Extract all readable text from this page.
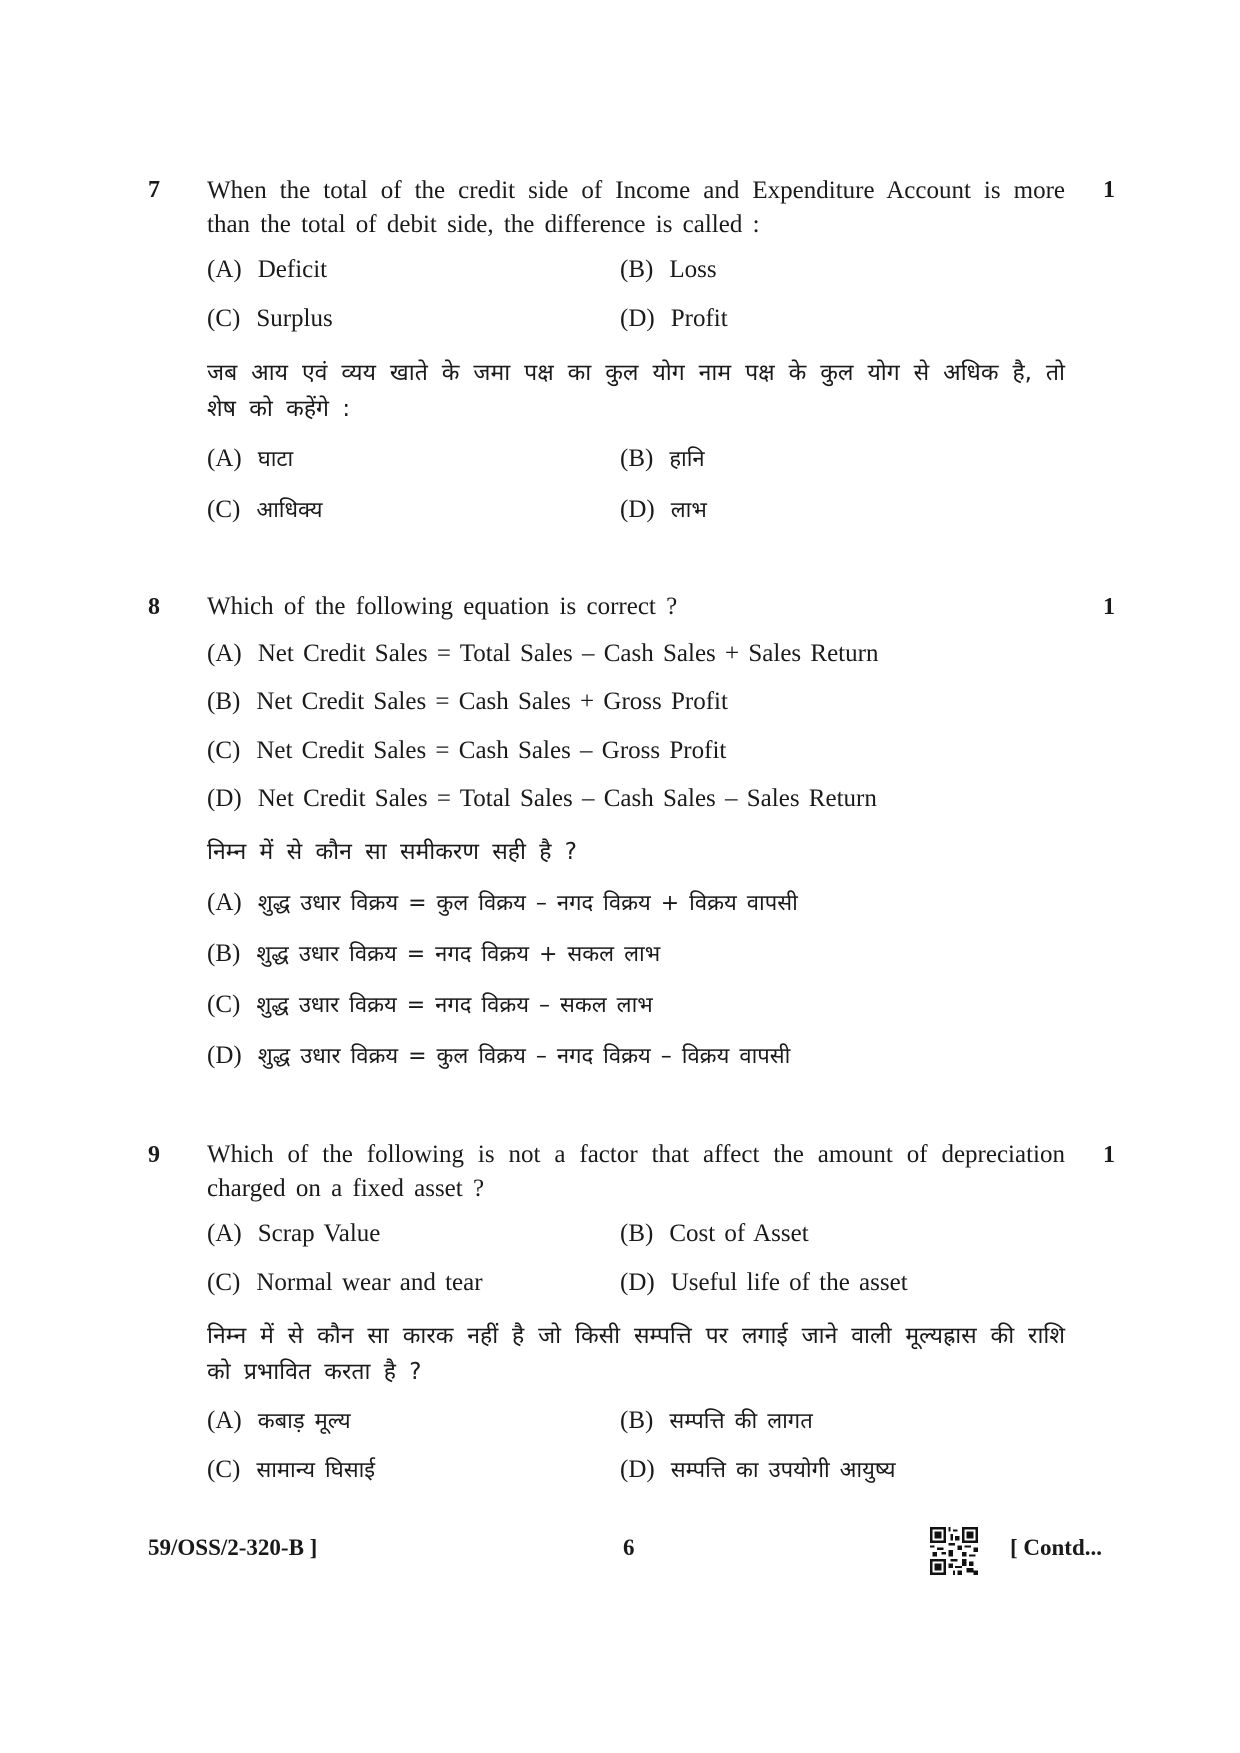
7	1
When the total of the credit side of Income and Expenditure Account is more than the total of debit side, the difference is called :
(A) Deficit	(B) Loss
(C) Surplus	(D) Profit
जब आय एवं व्यय खाते के जमा पक्ष का कुल योग नाम पक्ष के कुल योग से अधिक है, तो शेष को कहेंगे :
(A) घाटा	(B) हानि
(C) आधिक्य	(D) लाभ
8	1
Which of the following equation is correct ?
(A) Net Credit Sales = Total Sales – Cash Sales + Sales Return
(B) Net Credit Sales = Cash Sales + Gross Profit
(C) Net Credit Sales = Cash Sales – Gross Profit
(D) Net Credit Sales = Total Sales – Cash Sales – Sales Return
निम्न में से कौन सा समीकरण सही है ?
(A) शुद्ध उधार विक्रय = कुल विक्रय – नगद विक्रय + विक्रय वापसी
(B) शुद्ध उधार विक्रय = नगद विक्रय + सकल लाभ
(C) शुद्ध उधार विक्रय = नगद विक्रय – सकल लाभ
(D) शुद्ध उधार विक्रय = कुल विक्रय – नगद विक्रय – विक्रय वापसी
9	1
Which of the following is not a factor that affect the amount of depreciation charged on a fixed asset ?
(A) Scrap Value	(B) Cost of Asset
(C) Normal wear and tear	(D) Useful life of the asset
निम्न में से कौन सा कारक नहीं है जो किसी सम्पत्ति पर लगाई जाने वाली मूल्यह्रास की राशि को प्रभावित करता है ?
(A) कबाड़ मूल्य	(B) सम्पत्ति की लागत
(C) सामान्य घिसाई	(D) सम्पत्ति का उपयोगी आयुष्य
59/OSS/2-320-B ]	6	[ Contd...
